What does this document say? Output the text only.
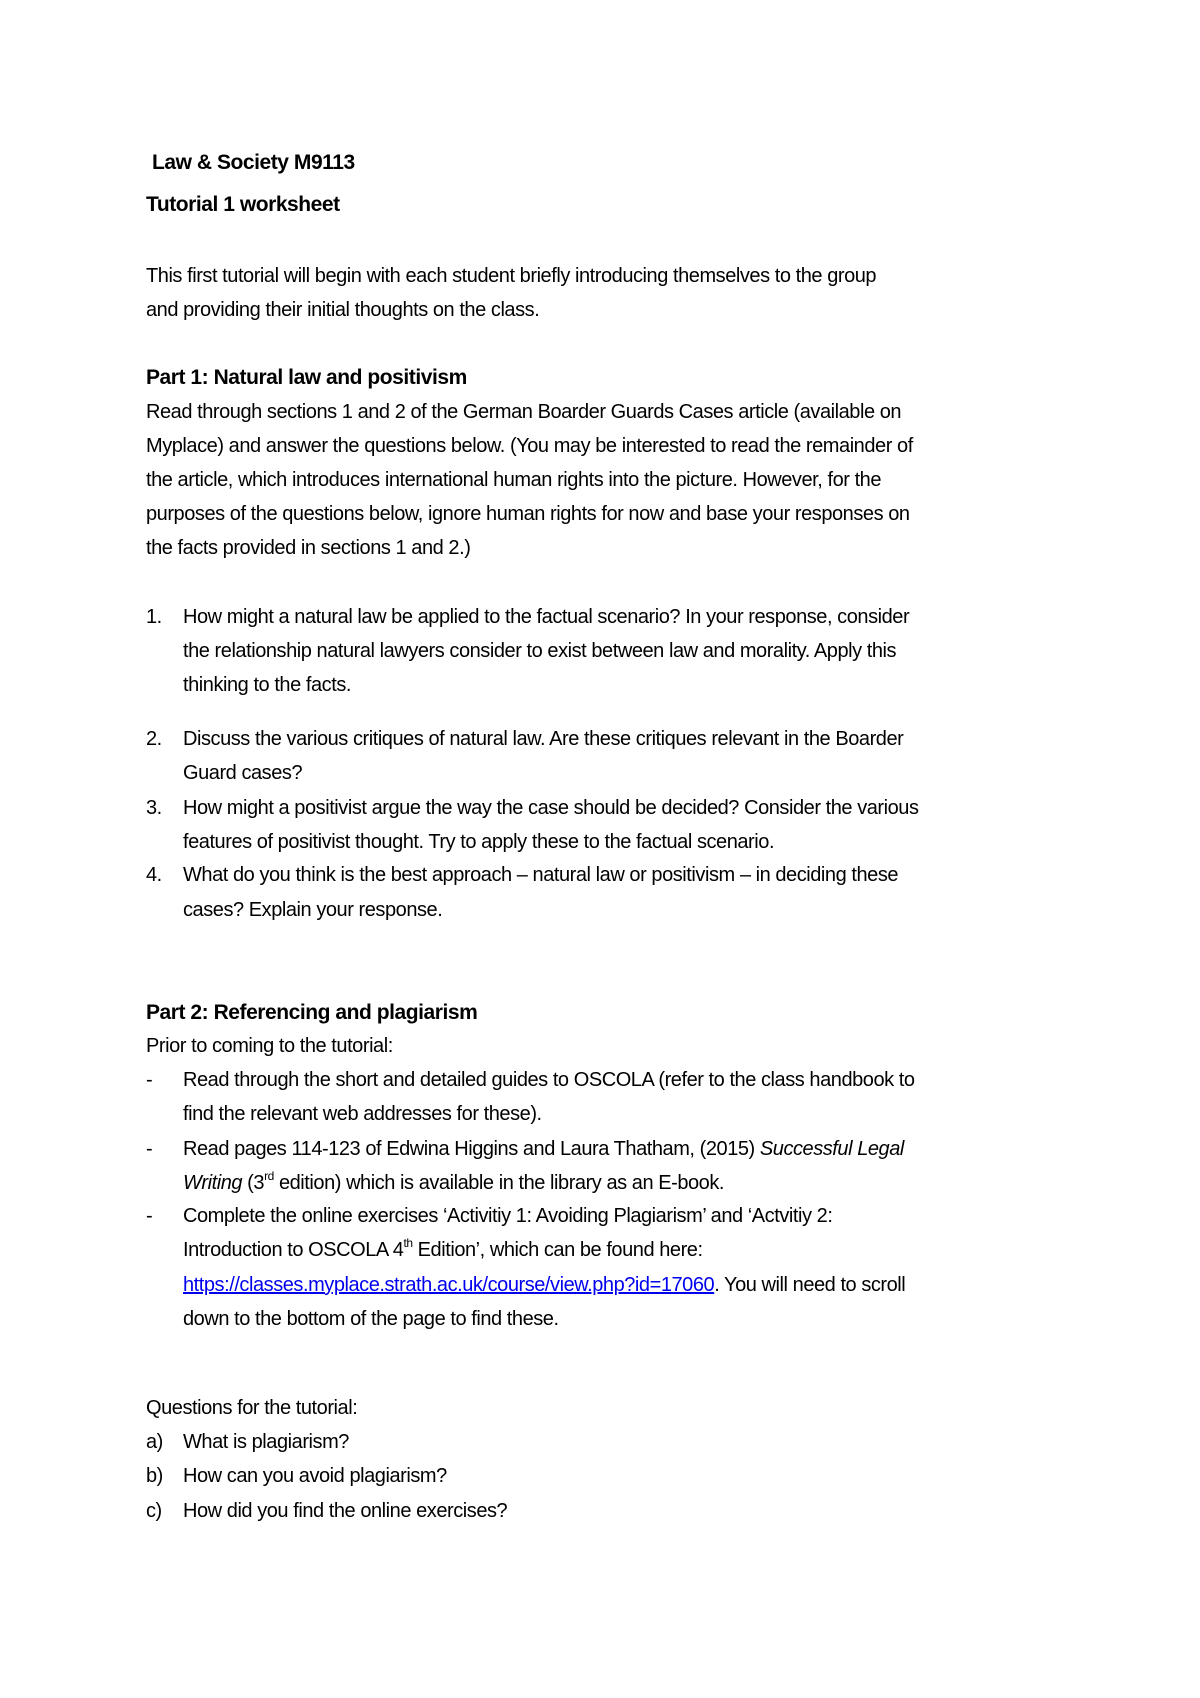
Law & Society M9113
Tutorial 1 worksheet
This first tutorial will begin with each student briefly introducing themselves to the group
and providing their initial thoughts on the class.
Part 1: Natural law and positivism
Read through sections 1 and 2 of the German Boarder Guards Cases article (available on
Myplace) and answer the questions below. (You may be interested to read the remainder of
the article, which introduces international human rights into the picture. However, for the
purposes of the questions below, ignore human rights for now and base your responses on
the facts provided in sections 1 and 2.)
1. How might a natural law be applied to the factual scenario? In your response, consider
the relationship natural lawyers consider to exist between law and morality. Apply this
thinking to the facts.
2. Discuss the various critiques of natural law. Are these critiques relevant in the Boarder
Guard cases?
3. How might a positivist argue the way the case should be decided? Consider the various
features of positivist thought. Try to apply these to the factual scenario.
4. What do you think is the best approach – natural law or positivism – in deciding these
cases? Explain your response.
Part 2: Referencing and plagiarism
Prior to coming to the tutorial:
- Read through the short and detailed guides to OSCOLA (refer to the class handbook to
find the relevant web addresses for these).
- Read pages 114-123 of Edwina Higgins and Laura Thatham, (2015) Successful Legal
Writing (3rd edition) which is available in the library as an E-book.
- Complete the online exercises ‘Activitiy 1: Avoiding Plagiarism’ and ‘Actvitiy 2:
Introduction to OSCOLA 4th Edition’, which can be found here:
https://classes.myplace.strath.ac.uk/course/view.php?id=17060. You will need to scroll
down to the bottom of the page to find these.
Questions for the tutorial:
a) What is plagiarism?
b) How can you avoid plagiarism?
c) How did you find the online exercises?
